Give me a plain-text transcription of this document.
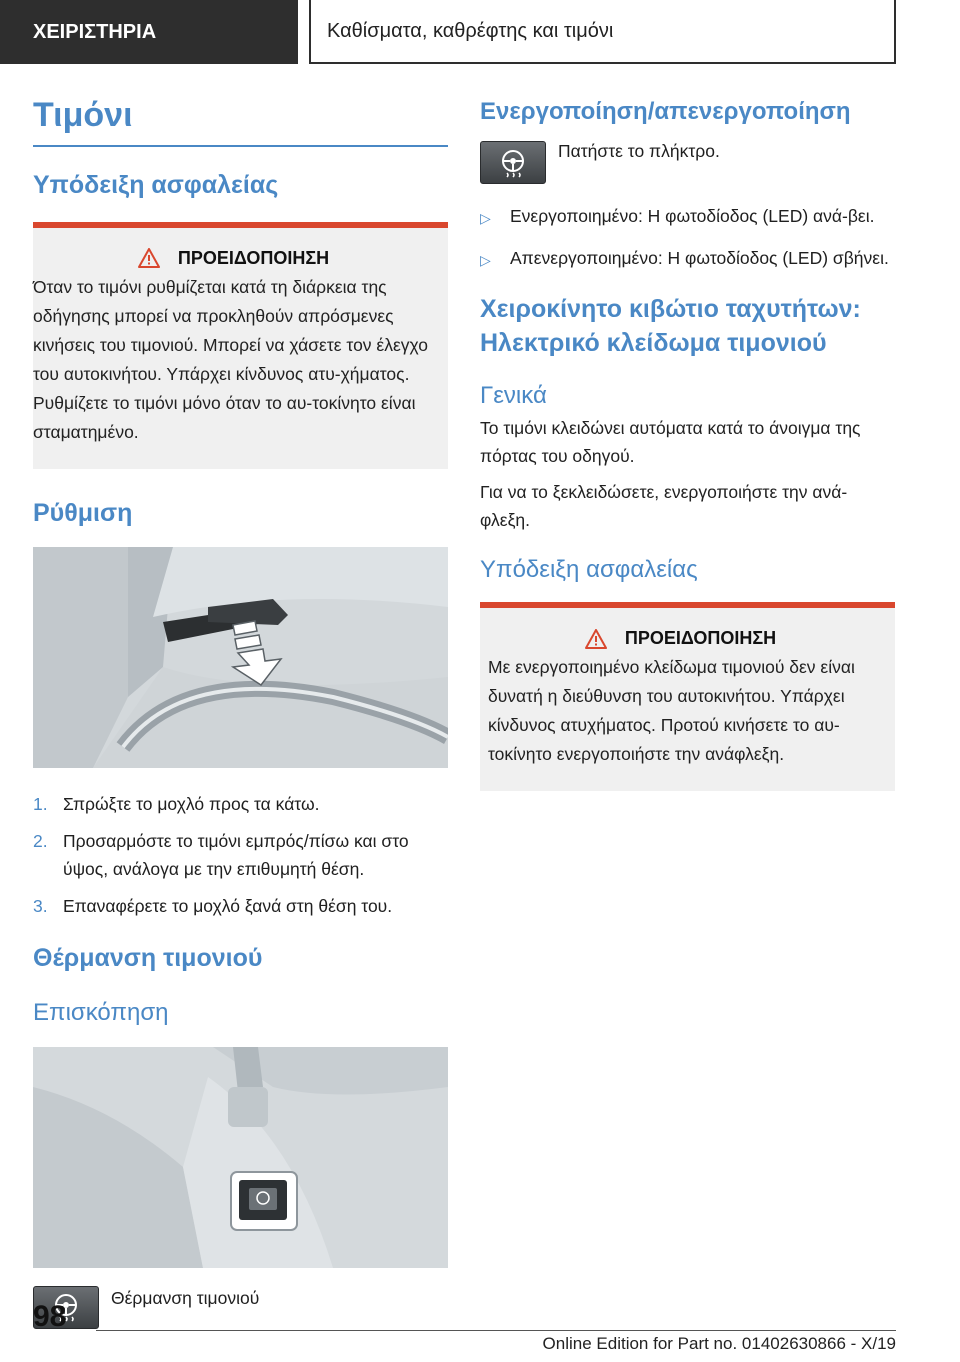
ΧΕΙΡΙΣΤΗΡΙΑ	Καθίσματα, καθρέφτης και τιμόνι
Τιμόνι
Υπόδειξη ασφαλείας
ΠΡΟΕΙΔΟΠΟΙΗΣΗ
Όταν το τιμόνι ρυθμίζεται κατά τη διάρκεια της οδήγησης μπορεί να προκληθούν απρόσμενες κινήσεις του τιμονιού. Μπορεί να χάσετε τον έλεγχο του αυτοκινήτου. Υπάρχει κίνδυνος ατυ‐χήματος. Ρυθμίζετε το τιμόνι μόνο όταν το αυ‐τοκίνητο είναι σταματημένο.
Ρύθμιση
1. Σπρώξτε το μοχλό προς τα κάτω.
2. Προσαρμόστε το τιμόνι εμπρός/πίσω και στο ύψος, ανάλογα με την επιθυμητή θέση.
3. Επαναφέρετε το μοχλό ξανά στη θέση του.
Θέρμανση τιμονιού
Επισκόπηση
Θέρμανση τιμονιού
Ενεργοποίηση/απενεργοποίηση
Πατήστε το πλήκτρο.
▷	Ενεργοποιημένο: Η φωτοδίοδος (LED) ανά‐βει.
▷	Απενεργοποιημένο: Η φωτοδίοδος (LED) σβήνει.
Χειροκίνητο κιβώτιο ταχυτήτων: Ηλεκτρικό κλείδωμα τιμονιού
Γενικά

Το τιμόνι κλειδώνει αυτόματα κατά το άνοιγμα της πόρτας του οδηγού.

Για να το ξεκλειδώσετε, ενεργοποιήστε την ανά‐φλεξη.

Υπόδειξη ασφαλείας
ΠΡΟΕΙΔΟΠΟΙΗΣΗ
Με ενεργοποιημένο κλείδωμα τιμονιού δεν είναι δυνατή η διεύθυνση του αυτοκινήτου. Υπάρχει κίνδυνος ατυχήματος. Προτού κινήσετε το αυ‐τοκίνητο ενεργοποιήστε την ανάφλεξη.
98
Online Edition for Part no. 01402630866 - X/19
